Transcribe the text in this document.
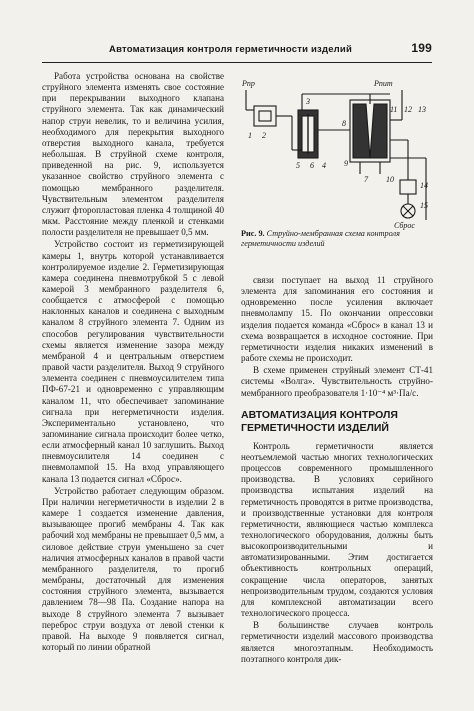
Автоматизация контроля герметичности изделий	199

Работа устройства основана на свойстве струйного элемента изменять свое состояние при перекрывании выходного клапана струйного элемента. Так как динамический напор струи невелик, то и величина усилия, необходимого для перекрытия выходного отверстия выходного канала, требуется небольшая. В струйной схеме контроля, приведенной на рис. 9, используется указанное свойство струйного элемента с помощью мембранного разделителя. Чувствительным элементом разделителя служит фторопластовая пленка 4 толщиной 40 мкм. Расстояние между пленкой и стенками полости разделителя не превышает 0,5 мм.

Устройство состоит из герметизирующей камеры 1, внутрь которой устанавливается контролируемое изделие 2. Герметизирующая камера соединена пневмотрубкой 5 с левой камерой 3 мембранного разделителя 6, сообщается с атмосферой с помощью наклонных каналов и соединена с выходным каналом 8 струйного элемента 7. Одним из способов регулирования чувствительности схемы является изменение зазора между мембраной 4 и центральным отверстием правой части разделителя. Выход 9 струйного элемента соединен с пневмоусилителем типа ПФ-67-21 и одновременно с управляющим каналом 11, что обеспечивает запоминание сигнала при негерметичности изделия. Экспериментально установлено, что запоминание сигнала происходит более четко, если атмосферный канал 10 заглушить. Выход пневмоусилителя 14 соединен с пневмолампой 15. На вход управляющего канала 13 подается сигнал «Сброс».

Устройство работает следующим образом. При наличии негерметичности в изделии 2 в камере 1 создается изменение давления, вызывающее прогиб мембраны 4. Так как рабочий ход мембраны не превышает 0,5 мм, а силовое действие струи уменьшено за счет наличия атмосферных каналов в правой части мембранного разделителя, то прогиб мембраны, достаточный для изменения состояния струйного элемента, вызывается давлением 78—98 Па. Создание напора на выходе 8 струйного элемента 7 вызывает переброс струи воздуха от левой стенки к правой. На выходе 9 появляется сигнал, который по линии обратной

Pпр	Pпит
1 2
3
4
5 6
7
8
9
10
11 12 13
14
15
Сброс
Рис. 9. Струйно-мембранная схема контроля герметичности изделий

связи поступает на выход 11 струйного элемента для запоминания его состояния и одновременно после усиления включает пневмолампу 15. По окончании опрессовки изделия подается команда «Сброс» в канал 13 и схема возвращается в исходное состояние. При герметичности изделия никаких изменений в работе схемы не происходит.

В схеме применен струйный элемент СТ-41 системы «Волга». Чувствительность струйно-мембранного преобразователя 1·10⁻⁴ м³·Па/с.

АВТОМАТИЗАЦИЯ КОНТРОЛЯ ГЕРМЕТИЧНОСТИ ИЗДЕЛИЙ

Контроль герметичности является неотъемлемой частью многих технологических процессов современного промышленного производства. В условиях серийного производства испытания изделий на герметичность проводятся в ритме производства, и производственные установки для контроля герметичности, являющиеся частью комплекса технологического оборудования, должны быть высокопроизводительными и автоматизированными. Этим достигается объективность контрольных операций, сокращение числа операторов, занятых непроизводительным трудом, создаются условия для комплексной автоматизации всего технологического процесса.

В большинстве случаев контроль герметичности изделий массового производства является многоэтапным. Необходимость поэтапного контроля дик-
